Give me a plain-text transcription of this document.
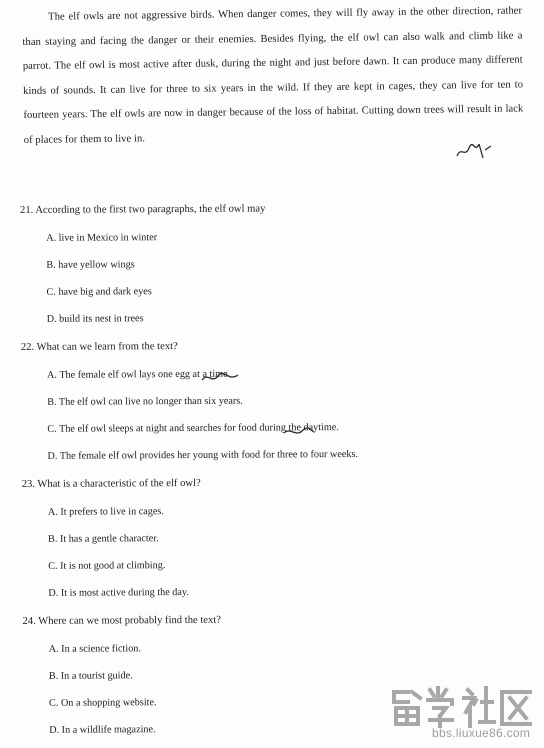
The elf owls are not aggressive birds. When danger comes, they will fly away in the other direction, rather than staying and facing the danger or their enemies. Besides flying, the elf owl can also walk and climb like a parrot. The elf owl is most active after dusk, during the night and just before dawn. It can produce many different kinds of sounds. It can live for three to six years in the wild. If they are kept in cages, they can live for ten to fourteen years. The elf owls are now in danger because of the loss of habitat. Cutting down trees will result in lack of places for them to live in.

21. According to the first two paragraphs, the elf owl may

A. live in Mexico in winter

B. have yellow wings

C. have big and dark eyes

D. build its nest in trees

22. What can we learn from the text?

A. The female elf owl lays one egg at a time.

B. The elf owl can live no longer than six years.

C. The elf owl sleeps at night and searches for food during the daytime.

D. The female elf owl provides her young with food for three to four weeks.

23. What is a characteristic of the elf owl?

A. It prefers to live in cages.

B. It has a gentle character.

C. It is not good at climbing.

D. It is most active during the day.

24. Where can we most probably find the text?

A. In a science fiction.

B. In a tourist guide.

C. On a shopping website.

D. In a wildlife magazine.	bbs.liuxue86.com
